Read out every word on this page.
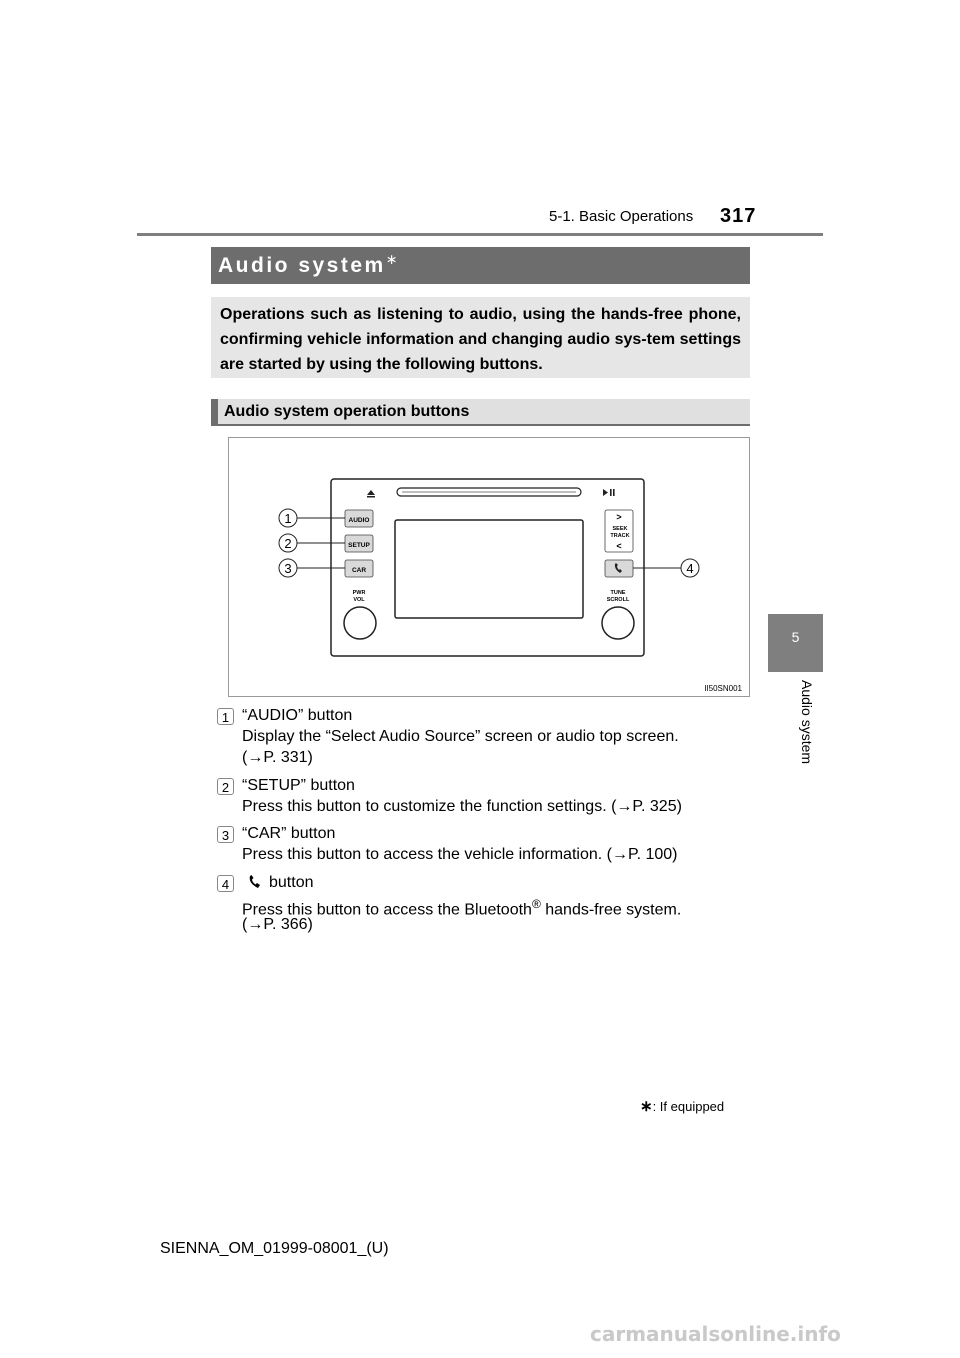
5-1. Basic Operations 317
5
Audio system
Audio system∗
Operations such as listening to audio, using the hands-free phone, confirming vehicle information and changing audio sys-tem settings are started by using the following buttons.
Audio system operation buttons
AUDIO
SETUP
CAR
>
SEEK
TRACK
<
PWR
VOL
TUNE
SCROLL
1
2
3	4
II50SN001
1 “AUDIO” button
Display the “Select Audio Source” screen or audio top screen.
(→P. 331)
2 “SETUP” button
Press this button to customize the function settings. (→P. 325)
3 “CAR” button
Press this button to access the vehicle information. (→P. 100)
4	button
Press this button to access the Bluetooth® hands-free system.
(→P. 366)
∗: If equipped
SIENNA_OM_01999-08001_(U)
carmanualsonline.info
